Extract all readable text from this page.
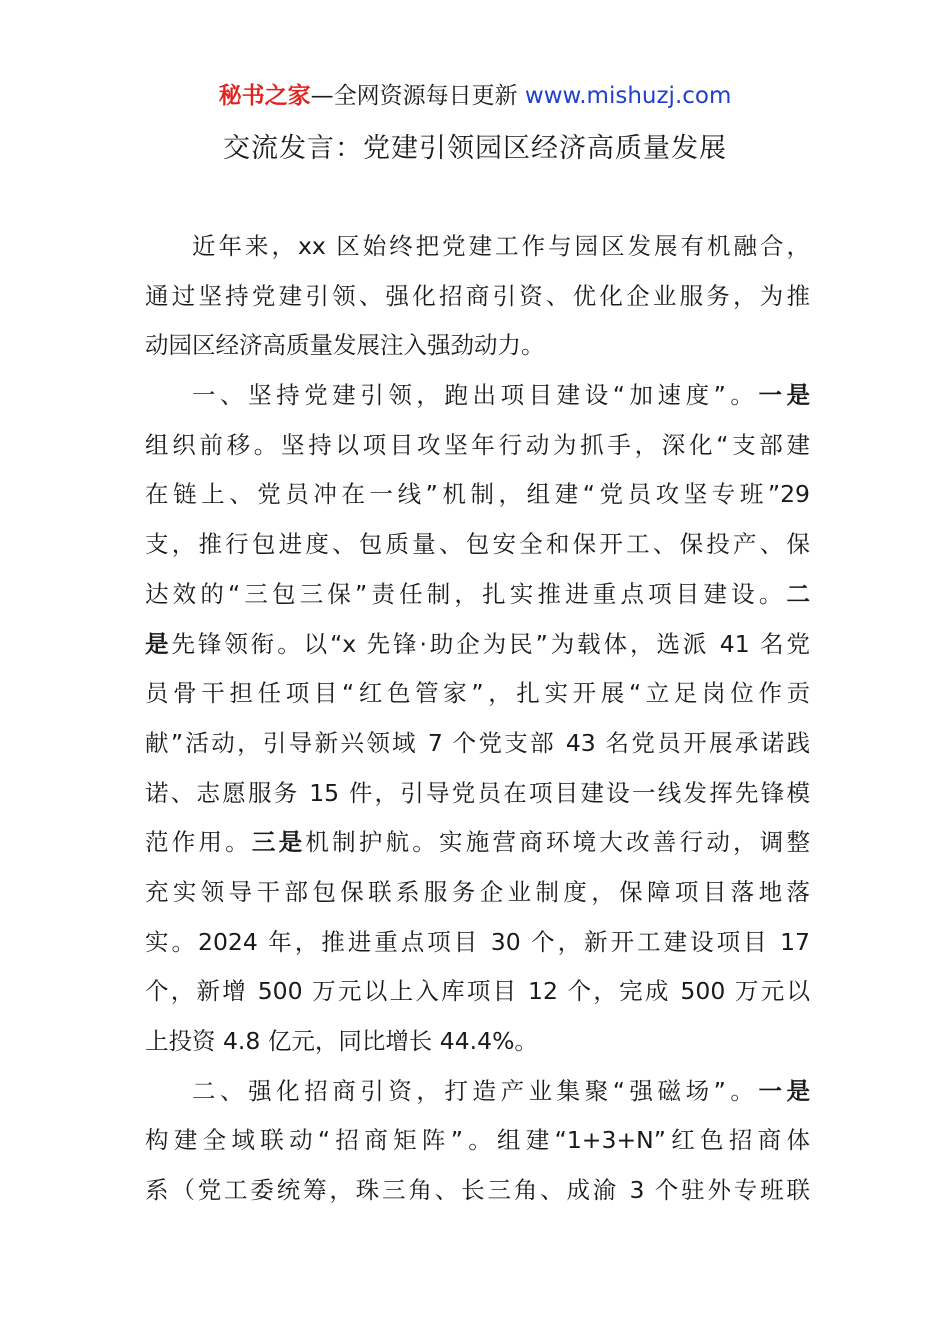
秘书之家—全网资源每日更新 www.mishuzj.com
交流发言：党建引领园区经济高质量发展
近年来，xx 区始终把党建工作与园区发展有机融合，
通过坚持党建引领、强化招商引资、优化企业服务，为推
动园区经济高质量发展注入强劲动力。
一、坚持党建引领，跑出项目建设“加速度”。一是
组织前移。坚持以项目攻坚年行动为抓手，深化“支部建
在链上、党员冲在一线”机制，组建“党员攻坚专班”29
支，推行包进度、包质量、包安全和保开工、保投产、保
达效的“三包三保”责任制，扎实推进重点项目建设。二
是先锋领衔。以“x 先锋·助企为民”为载体，选派 41 名党
员骨干担任项目“红色管家”，扎实开展“立足岗位作贡
献”活动，引导新兴领域 7 个党支部 43 名党员开展承诺践
诺、志愿服务 15 件，引导党员在项目建设一线发挥先锋模
范作用。三是机制护航。实施营商环境大改善行动，调整
充实领导干部包保联系服务企业制度，保障项目落地落
实。2024 年，推进重点项目 30 个，新开工建设项目 17
个，新增 500 万元以上入库项目 12 个，完成 500 万元以
上投资 4.8 亿元，同比增长 44.4%。
二、强化招商引资，打造产业集聚“强磁场”。一是
构建全域联动“招商矩阵”。组建“1+3+N”红色招商体
系（党工委统筹，珠三角、长三角、成渝 3 个驻外专班联
